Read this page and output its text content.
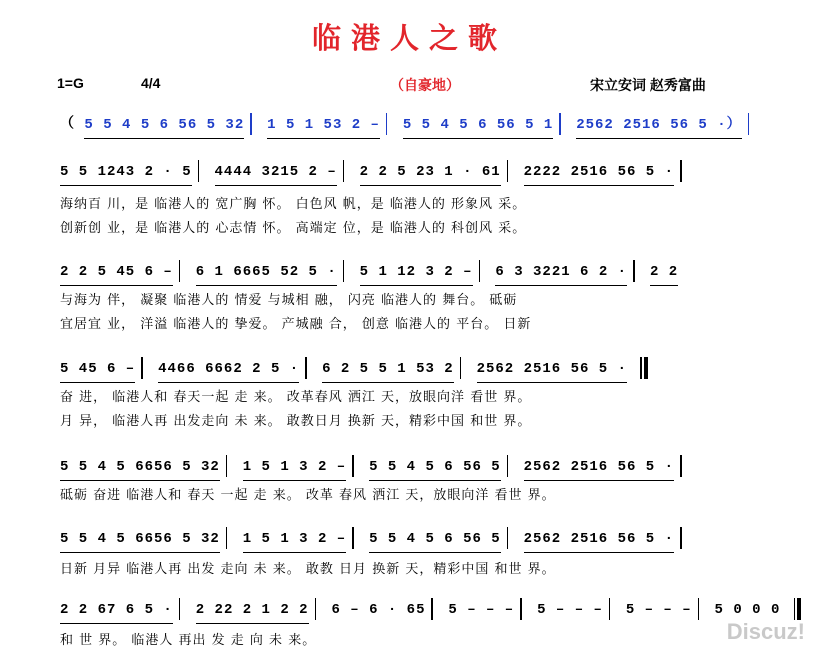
临港人之歌
1=G	4/4	（自豪地）	宋立安词 赵秀富曲
（ 5 5 4 5 6 56 5 32 1 5 1 53 2 – 5 5 4 5 6 56 5 1 2562 2516 56 5 ·）
5 5 1243 2 · 5 4444 3215 2 – 2 2 5 23 1 · 61 2222 2516 56 5 ·
海纳百 川，是 临港人的 宽广胸 怀。 白色风 帆，是 临港人的 形象风 采。
创新创 业，是 临港人的 心志情 怀。 高端定 位，是 临港人的 科创风 采。
2 2 5 45 6 – 6 1 6665 52 5 · 5 1 12 3 2 – 6 3 3221 6 2 · 2 2
与海为 伴， 凝聚 临港人的 情爱 与城相 融， 闪亮 临港人的 舞台。 砥砺
宜居宜 业， 洋溢 临港人的 挚爱。 产城融 合， 创意 临港人的 平台。 日新
5 45 6 – 4466 6662 2 5 · 6 2 5 5 1 53 2 2562 2516 56 5 ·
奋 进， 临港人和 春天一起 走 来。 改革春风 洒江 天，放眼向洋 看世 界。
月 异， 临港人再 出发走向 未 来。 敢教日月 换新 天，精彩中国 和世 界。
5 5 4 5 6656 5 32 1 5 1 3 2 – 5 5 4 5 6 56 5 2562 2516 56 5 ·
砥砺 奋进 临港人和 春天 一起 走 来。 改革 春风 洒江 天，放眼向洋 看世 界。
5 5 4 5 6656 5 32 1 5 1 3 2 – 5 5 4 5 6 56 5 2562 2516 56 5 ·
日新 月异 临港人再 出发 走向 未 来。 敢教 日月 换新 天，精彩中国 和世 界。
2 2 67 6 5 · 2 22 2 1 2 2 6 – 6 · 65 5 – – – 5 – – – 5 – – – 5 0 0 0
和 世 界。 临港人 再出 发 走 向 未 来。	Discuz!
